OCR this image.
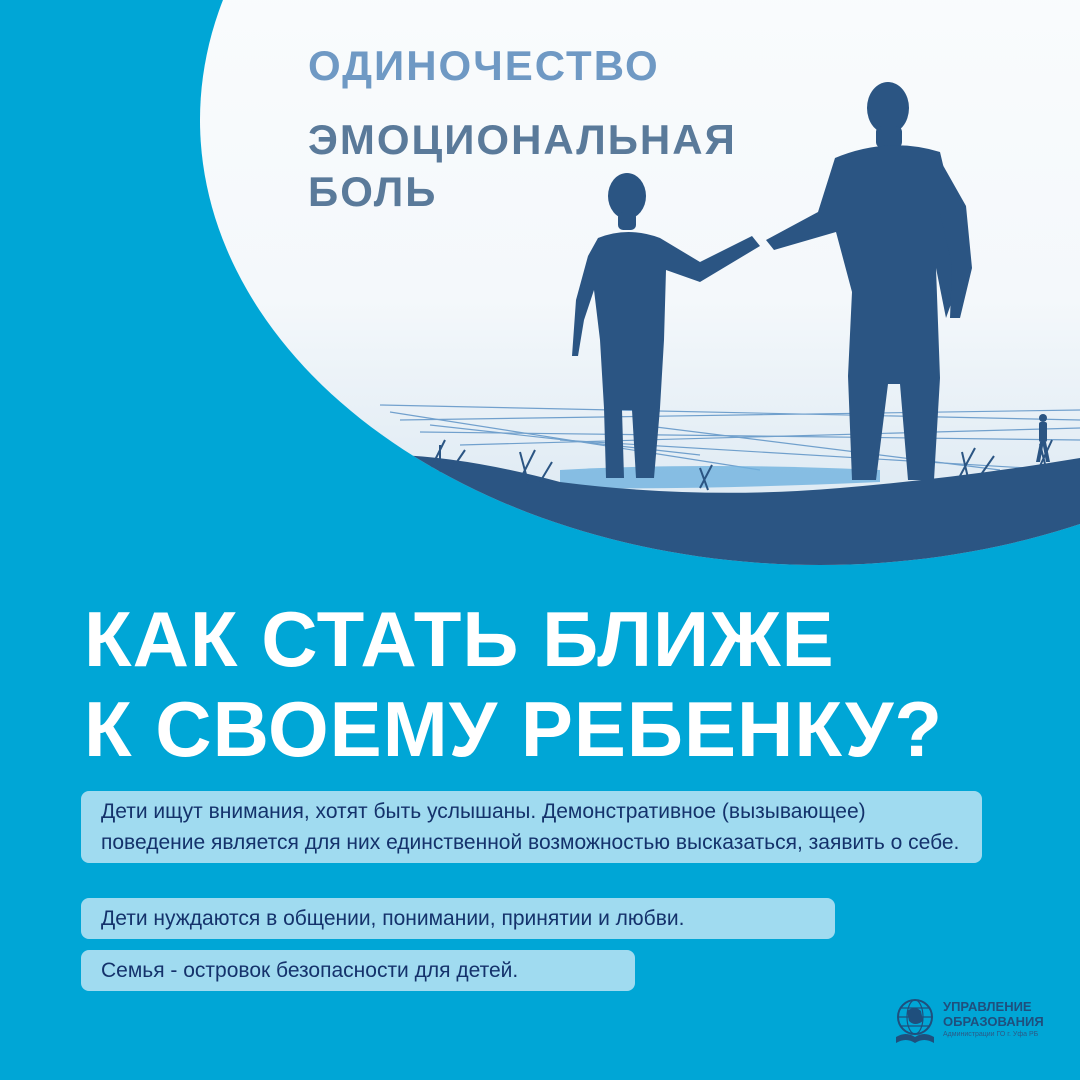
ОДИНОЧЕСТВО

ЭМОЦИОНАЛЬНАЯ БОЛЬ

КАК СТАТЬ БЛИЖЕ
К СВОЕМУ РЕБЕНКУ?
Дети ищут внимания, хотят быть услышаны. Демонстративное (вызывающее) поведение является для них единственной возможностью высказаться, заявить о себе.
Дети нуждаются в общении, понимании, принятии и любви.
Семья - островок безопасности для детей.
УПРАВЛЕНИЕ
ОБРАЗОВАНИЯ
Администрации ГО г. Уфа РБ
